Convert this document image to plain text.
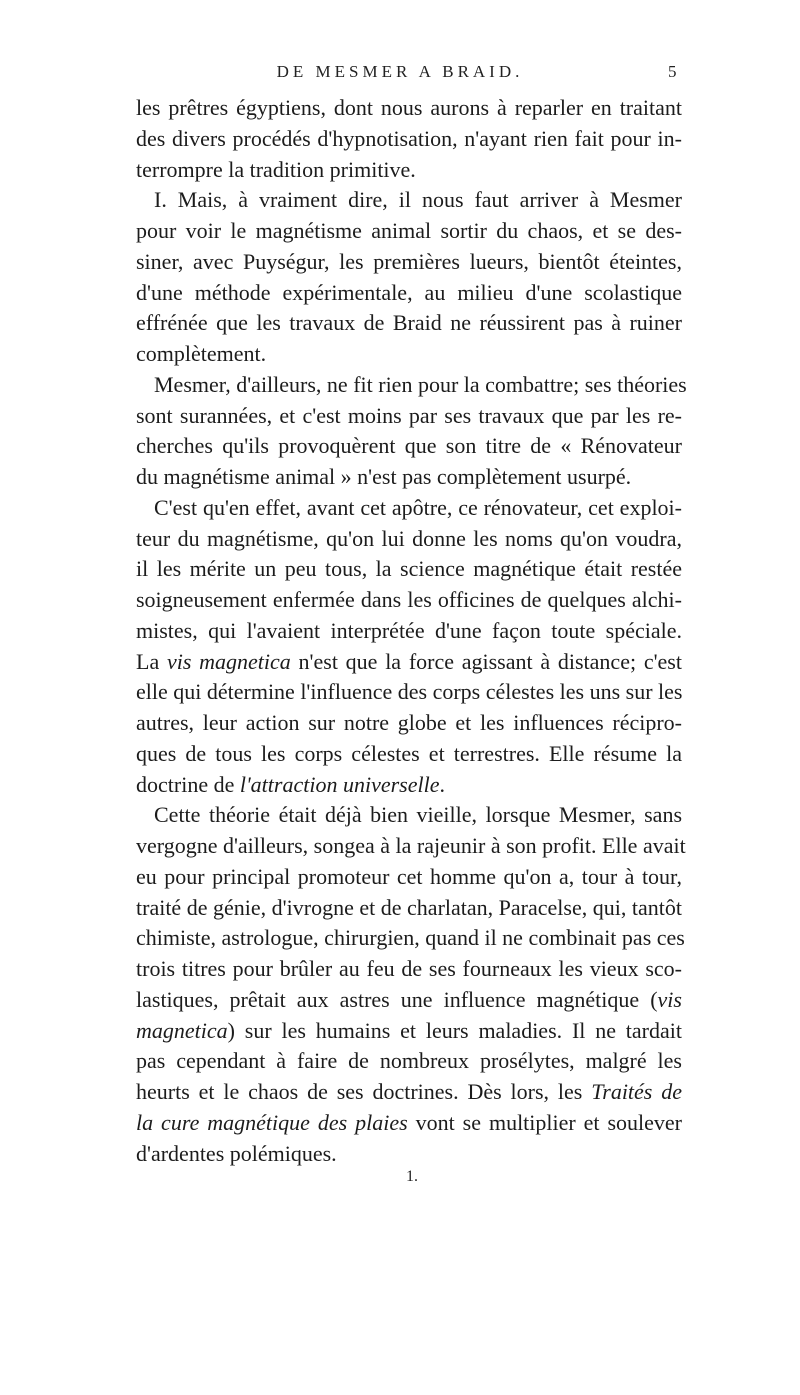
DE MESMER A BRAID.	5
les prêtres égyptiens, dont nous aurons à reparler en traitant
des divers procédés d'hypnotisation, n'ayant rien fait pour in-
terrompre la tradition primitive.
I. Mais, à vraiment dire, il nous faut arriver à Mesmer
pour voir le magnétisme animal sortir du chaos, et se des-
siner, avec Puységur, les premières lueurs, bientôt éteintes,
d'une méthode expérimentale, au milieu d'une scolastique
effrénée que les travaux de Braid ne réussirent pas à ruiner
complètement.
Mesmer, d'ailleurs, ne fit rien pour la combattre; ses théories
sont surannées, et c'est moins par ses travaux que par les re-
cherches qu'ils provoquèrent que son titre de « Rénovateur
du magnétisme animal » n'est pas complètement usurpé.
C'est qu'en effet, avant cet apôtre, ce rénovateur, cet exploi-
teur du magnétisme, qu'on lui donne les noms qu'on voudra,
il les mérite un peu tous, la science magnétique était restée
soigneusement enfermée dans les officines de quelques alchi-
mistes, qui l'avaient interprétée d'une façon toute spéciale.
La vis magnetica n'est que la force agissant à distance; c'est
elle qui détermine l'influence des corps célestes les uns sur les
autres, leur action sur notre globe et les influences récipro-
ques de tous les corps célestes et terrestres. Elle résume la
doctrine de l'attraction universelle.
Cette théorie était déjà bien vieille, lorsque Mesmer, sans
vergogne d'ailleurs, songea à la rajeunir à son profit. Elle avait
eu pour principal promoteur cet homme qu'on a, tour à tour,
traité de génie, d'ivrogne et de charlatan, Paracelse, qui, tantôt
chimiste, astrologue, chirurgien, quand il ne combinait pas ces
trois titres pour brûler au feu de ses fourneaux les vieux sco-
lastiques, prêtait aux astres une influence magnétique (vis
magnetica) sur les humains et leurs maladies. Il ne tardait
pas cependant à faire de nombreux prosélytes, malgré les
heurts et le chaos de ses doctrines. Dès lors, les Traités de
la cure magnétique des plaies vont se multiplier et soulever
d'ardentes polémiques.
1.
